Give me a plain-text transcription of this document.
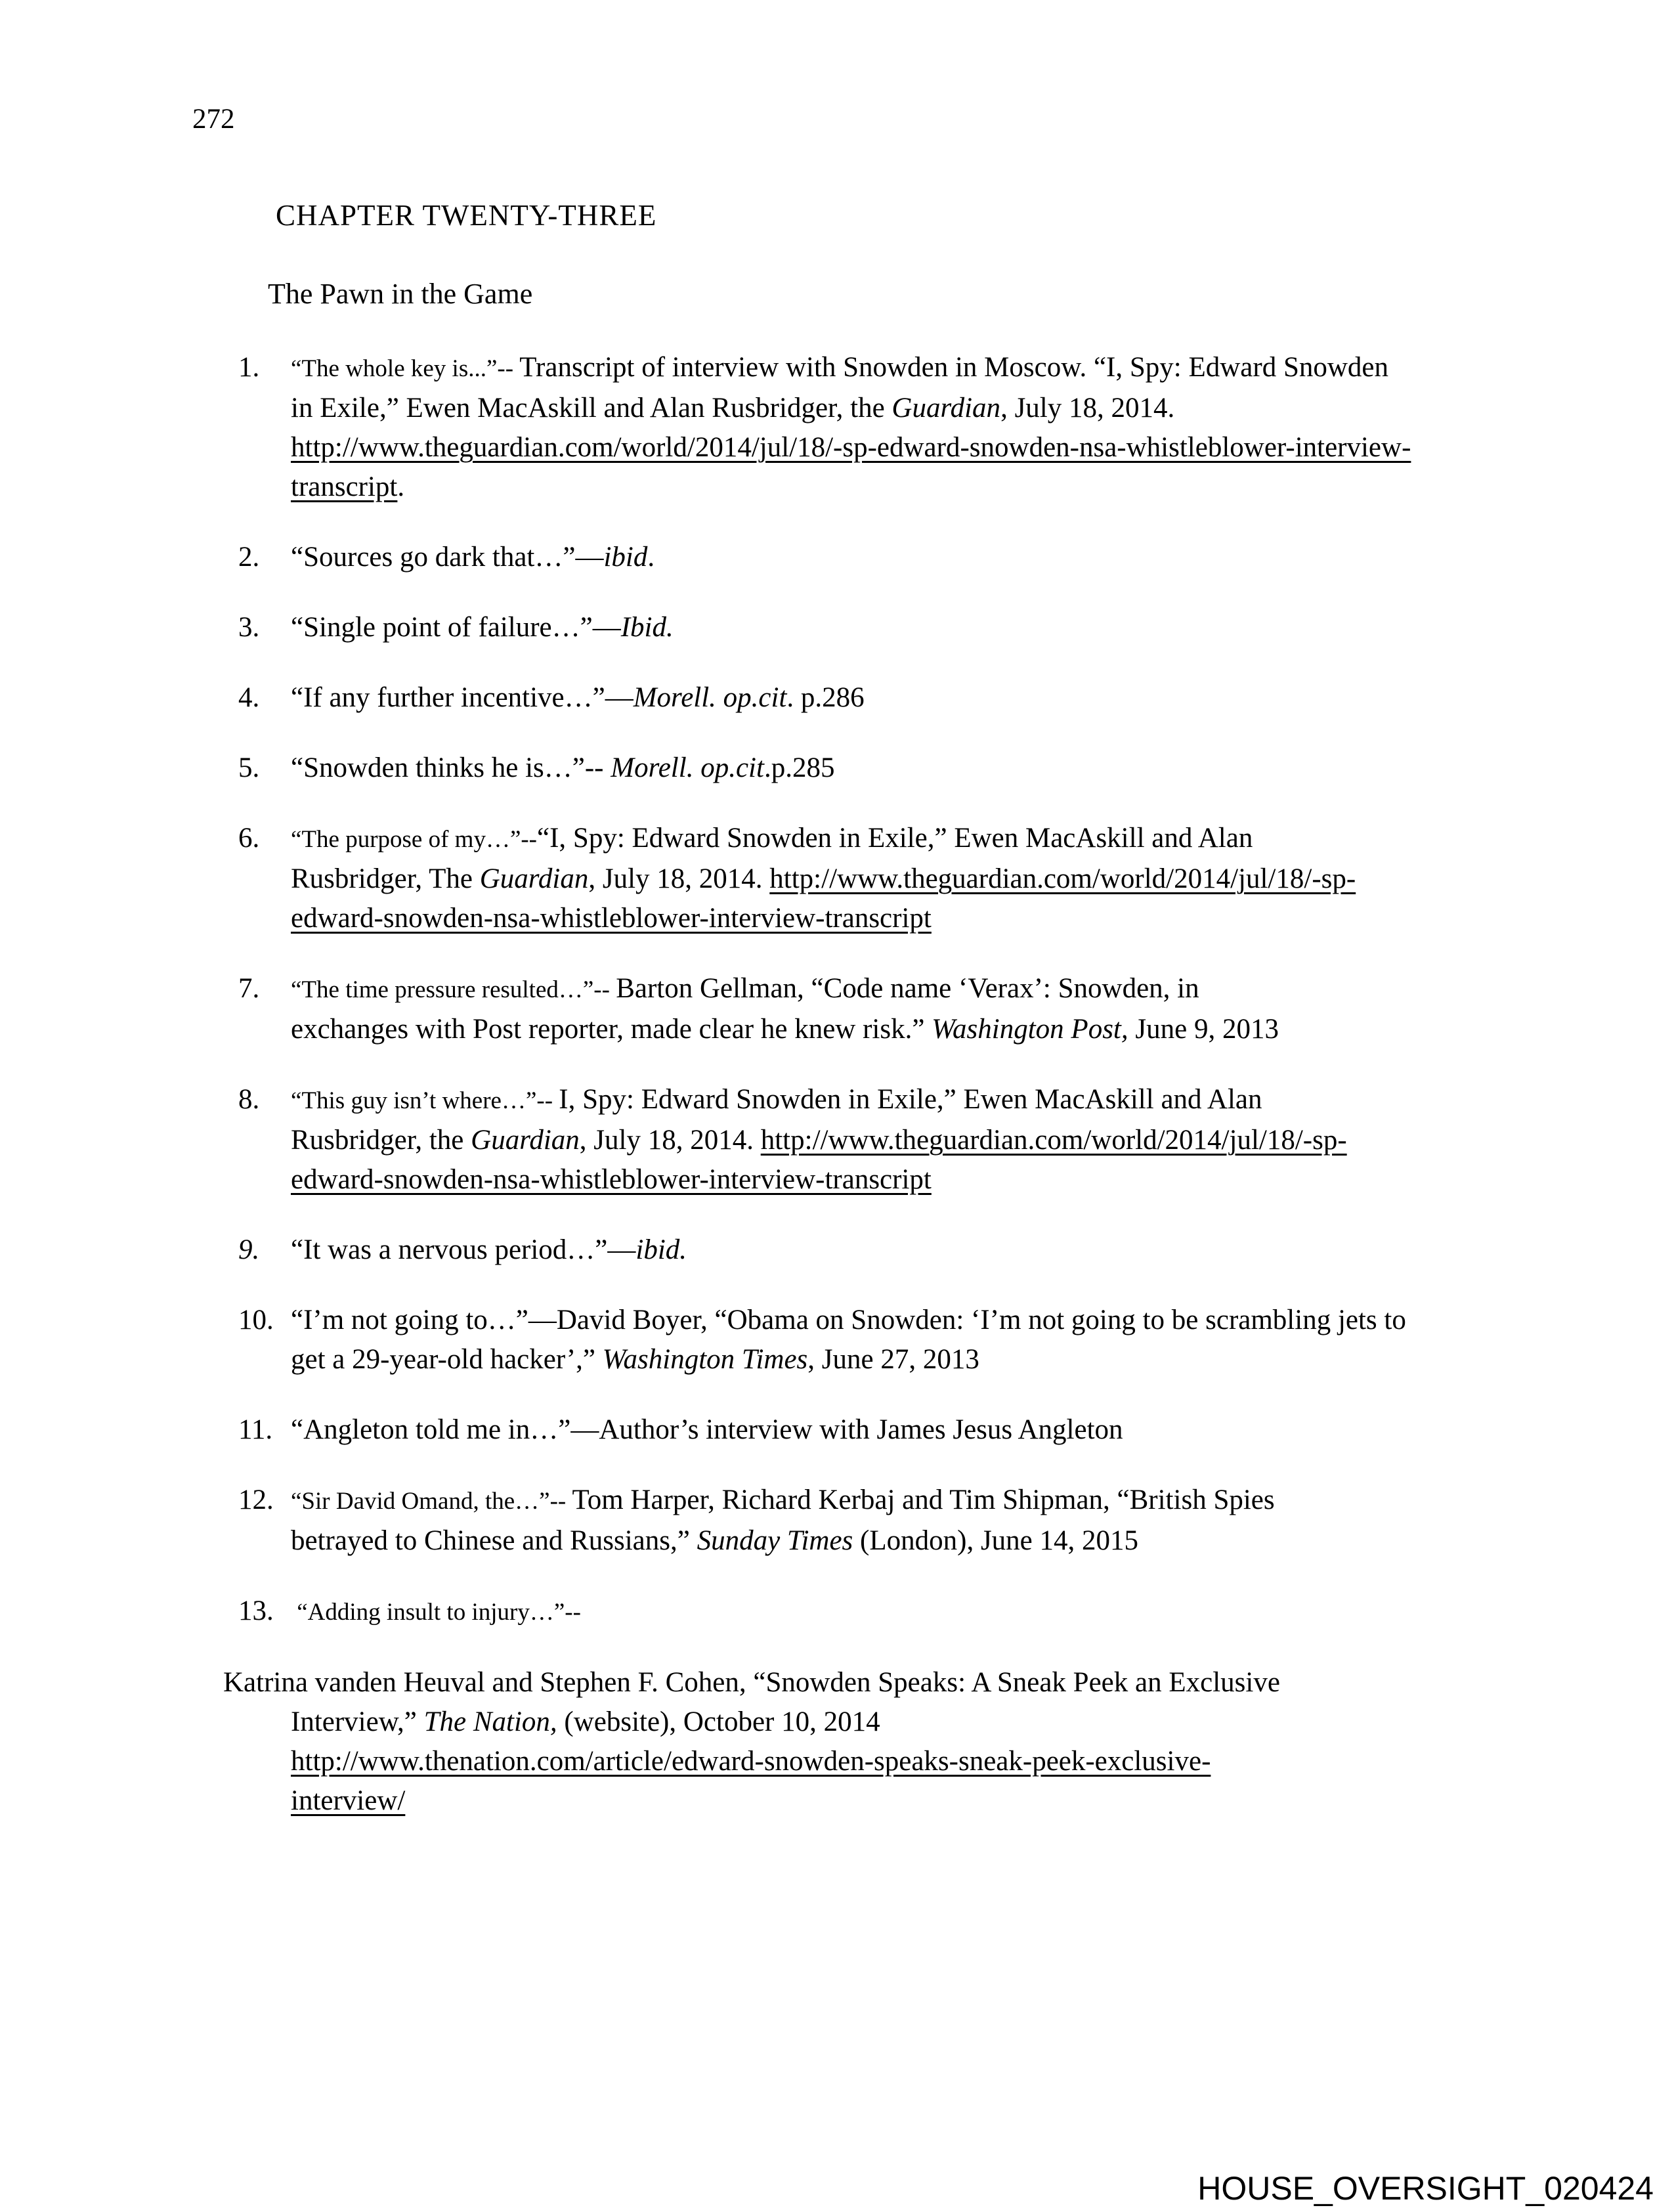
272
CHAPTER TWENTY-THREE
The Pawn in the Game
1.	“The whole key is...”-- Transcript of interview with Snowden in Moscow. “I, Spy: Edward Snowden
in Exile,” Ewen MacAskill and Alan Rusbridger, the Guardian, July 18, 2014.
http://www.theguardian.com/world/2014/jul/18/-sp-edward-snowden-nsa-whistleblower-interview-
transcript.
2.	“Sources go dark that…”—ibid.
3.	“Single point of failure…”—Ibid.
4.	“If any further incentive…”—Morell. op.cit. p.286
5.	“Snowden thinks he is…”-- Morell. op.cit.p.285
6.	“The purpose of my…”--“I, Spy: Edward Snowden in Exile,” Ewen MacAskill and Alan
Rusbridger, The Guardian, July 18, 2014. http://www.theguardian.com/world/2014/jul/18/-sp-
edward-snowden-nsa-whistleblower-interview-transcript
7.	“The time pressure resulted…”-- Barton Gellman, “Code name ‘Verax’: Snowden, in
exchanges with Post reporter, made clear he knew risk.” Washington Post, June 9, 2013
8.	“This guy isn’t where…”-- I, Spy: Edward Snowden in Exile,” Ewen MacAskill and Alan
Rusbridger, the Guardian, July 18, 2014. http://www.theguardian.com/world/2014/jul/18/-sp-
edward-snowden-nsa-whistleblower-interview-transcript
9.	“It was a nervous period…”—ibid.
10. “I’m not going to…”—David Boyer, “Obama on Snowden: ‘I’m not going to be scrambling jets to
get a 29-year-old hacker’,” Washington Times, June 27, 2013
11. “Angleton told me in…”—Author’s interview with James Jesus Angleton
12. “Sir David Omand, the…”-- Tom Harper, Richard Kerbaj and Tim Shipman, “British Spies
betrayed to Chinese and Russians,” Sunday Times (London), June 14, 2015
13. “Adding insult to injury…”--
Katrina vanden Heuval and Stephen F. Cohen, “Snowden Speaks: A Sneak Peek an Exclusive
Interview,” The Nation, (website), October 10, 2014
http://www.thenation.com/article/edward-snowden-speaks-sneak-peek-exclusive-
interview/
HOUSE_OVERSIGHT_020424
